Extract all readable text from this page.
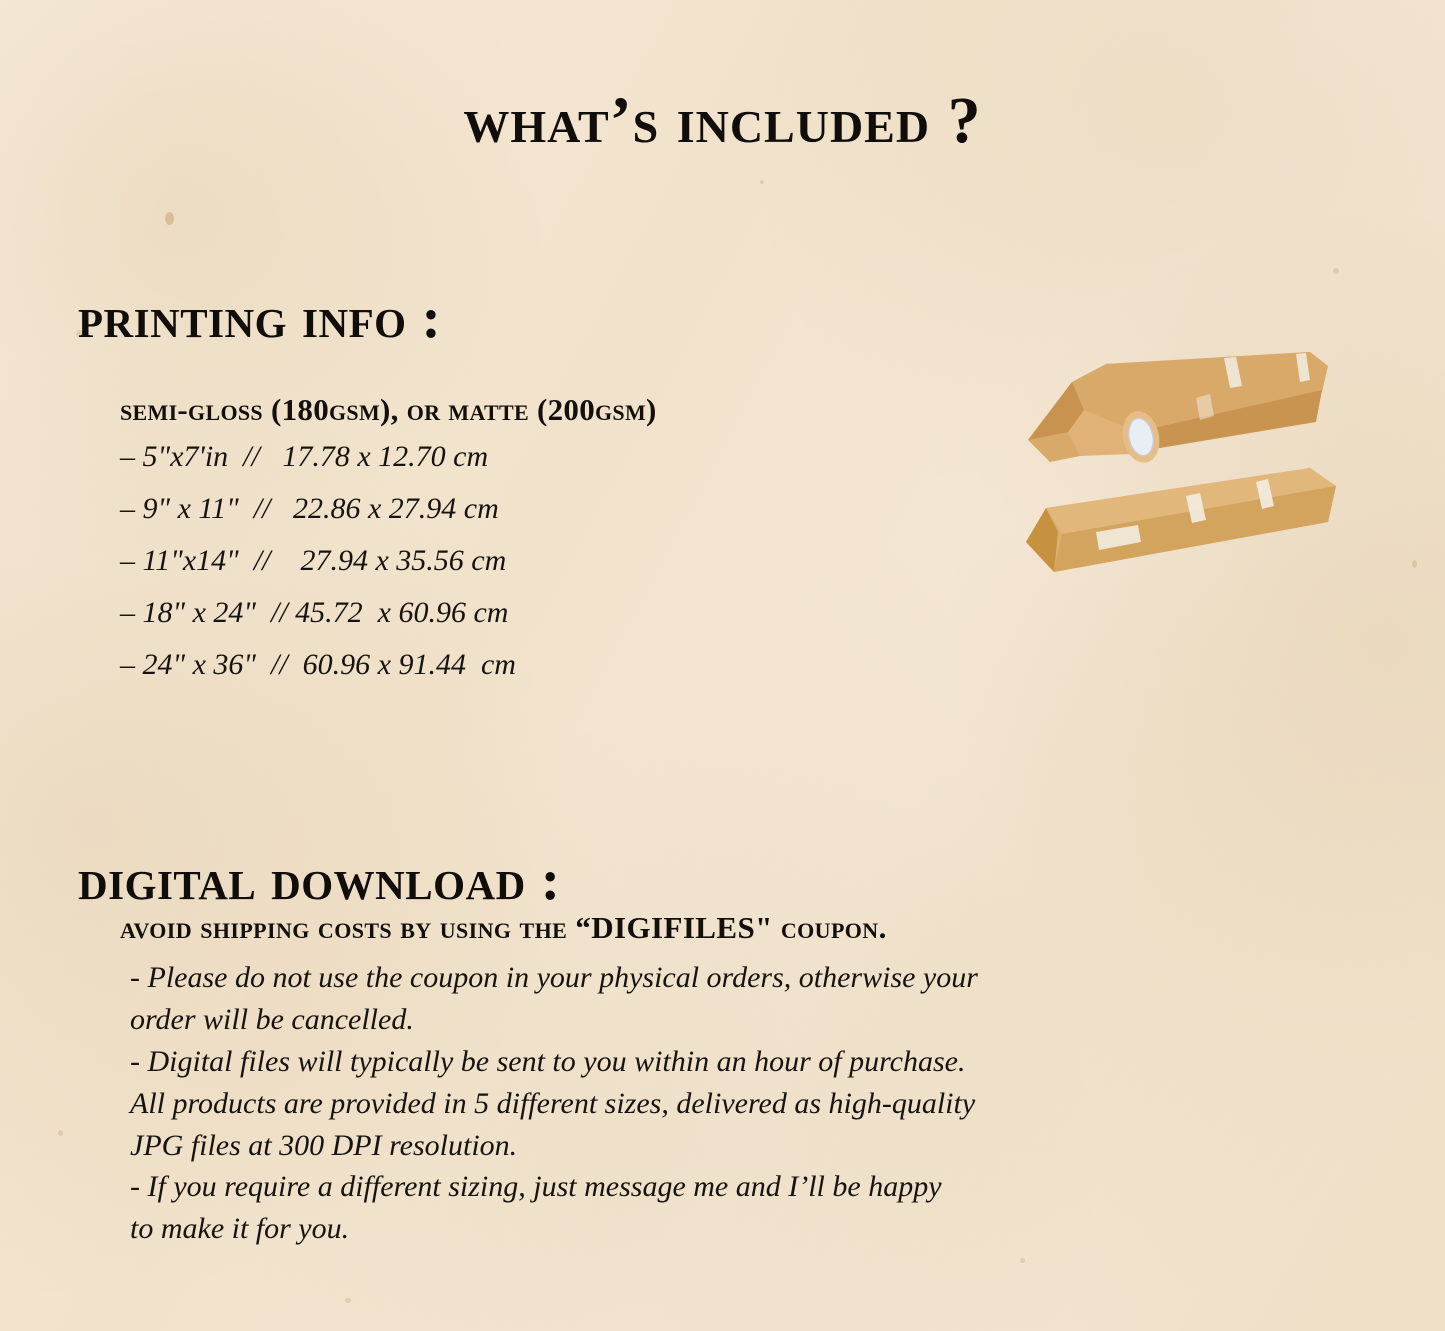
what’s included ?
printing info :
semi-gloss (180gsm), or matte (200gsm)

– 5"x7'in  //   17.78 x 12.70 cm

– 9" x 11"  //   22.86 x 27.94 cm

– 11"x14"  //    27.94 x 35.56 cm

– 18" x 24"  // 45.72  x 60.96 cm

– 24" x 36"  //  60.96 x 91.44  cm

digital download :
avoid shipping costs by using the “DIGIFILES" coupon.

- Please do not use the coupon in your physical orders, otherwise your

order will be cancelled.

- Digital files will typically be sent to you within an hour of purchase.

All products are provided in 5 different sizes, delivered as high-quality

JPG files at 300 DPI resolution.

- If you require a different sizing, just message me and I’ll be happy

to make it for you.
